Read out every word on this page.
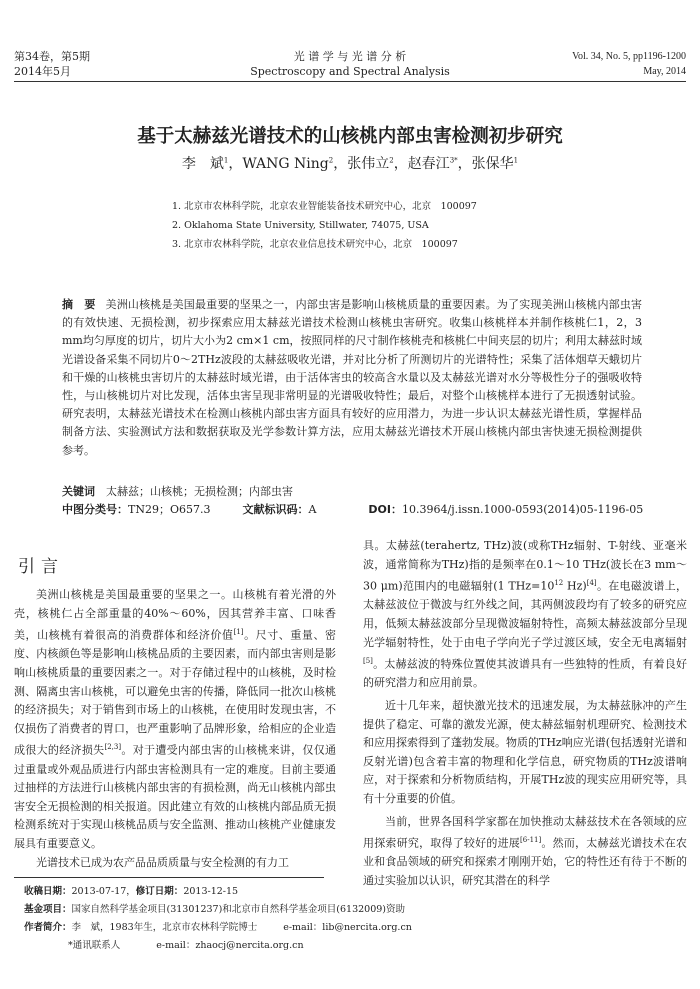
第34卷，第5期
2014年5月
光 谱 学 与 光 谱 分 析
Spectroscopy and Spectral Analysis
Vol. 34, No. 5, pp1196-1200
May, 2014
基于太赫兹光谱技术的山核桃内部虫害检测初步研究
李　斌$^1$，WANG Ning$^2$，张伟立$^2$，赵春江$^{3*}$，张保华$^1$
1. 北京市农林科学院，北京农业智能装备技术研究中心，北京　100097
2. Oklahoma State University, Stillwater, 74075, USA
3. 北京市农林科学院，北京农业信息技术研究中心，北京　100097
摘　要 美洲山核桃是美国最重要的坚果之一，内部虫害是影响山核桃质量的重要因素。为了实现美洲山核桃内部虫害的有效快速、无损检测，初步探索应用太赫兹光谱技术检测山核桃虫害研究。收集山核桃样本并制作核桃仁1，2，3 mm均匀厚度的切片，切片大小为2 cm×1 cm，按照同样的尺寸制作核桃壳和核桃仁中间夹层的切片；利用太赫兹时域光谱设备采集不同切片0～2THz波段的太赫兹吸收光谱，并对比分析了所测切片的光谱特性；采集了活体烟草天蛾切片和干燥的山核桃虫害切片的太赫兹时域光谱，由于活体害虫的较高含水量以及太赫兹光谱对水分等极性分子的强吸收特性，与山核桃切片对比发现，活体虫害呈现非常明显的光谱吸收特性；最后，对整个山核桃样本进行了无损透射试验。研究表明，太赫兹光谱技术在检测山核桃内部虫害方面具有较好的应用潜力，为进一步认识太赫兹光谱性质，掌握样品制备方法、实验测试方法和数据获取及光学参数计算方法，应用太赫兹光谱技术开展山核桃内部虫害快速无损检测提供参考。
关键词　 太赫兹；山核桃；无损检测；内部虫害
中图分类号：TN29；O657.3	文献标识码：A	DOI：10.3964/j.issn.1000-0593(2014)05-1196-05
引言

美洲山核桃是美国最重要的坚果之一。山核桃有着光滑的外壳，核桃仁占全部重量的40%～60%，因其营养丰富、口味香美，山核桃有着很高的消费群体和经济价值[1]。尺寸、重量、密度、内核颜色等是影响山核桃品质的主要因素，而内部虫害则是影响山核桃质量的重要因素之一。对于存储过程中的山核桃，及时检测、隔离虫害山核桃，可以避免虫害的传播，降低同一批次山核桃的经济损失；对于销售到市场上的山核桃，在使用时发现虫害，不仅损伤了消费者的胃口，也严重影响了品牌形象，给相应的企业造成很大的经济损失[2,3]。对于遭受内部虫害的山核桃来讲，仅仅通过重量或外观品质进行内部虫害检测具有一定的难度。目前主要通过抽样的方法进行山核桃内部虫害的有损检测，尚无山核桃内部虫害安全无损检测的相关报道。因此建立有效的山核桃内部品质无损检测系统对于实现山核桃品质与安全监测、推动山核桃产业健康发展具有重要意义。

光谱技术已成为农产品品质质量与安全检测的有力工

具。太赫兹(terahertz, THz)波(或称THz辐射、T-射线、亚毫米波，通常简称为THz)指的是频率在0.1～10 THz(波长在3 mm～30 μm)范围内的电磁辐射(1 $THz=10^{12}$ Hz)[4]。在电磁波谱上，太赫兹波位于微波与红外线之间，其两侧波段均有了较多的研究应用，低频太赫兹波部分呈现微波辐射特性，高频太赫兹波部分呈现光学辐射特性，处于由电子学向光子学过渡区域，安全无电离辐射[5]。太赫兹波的特殊位置使其波谱具有一些独特的性质，有着良好的研究潜力和应用前景。

近十几年来，超快激光技术的迅速发展，为太赫兹脉冲的产生提供了稳定、可靠的激发光源，使太赫兹辐射机理研究、检测技术和应用探索得到了蓬勃发展。物质的THz响应光谱(包括透射光谱和反射光谱)包含着丰富的物理和化学信息，研究物质的THz波谱响应，对于探索和分析物质结构，开展THz波的现实应用研究等，具有十分重要的价值。

当前，世界各国科学家都在加快推动太赫兹技术在各领域的应用探索研究，取得了较好的进展[6-11]。然而，太赫兹光谱技术在农业和食品领域的研究和探索才刚刚开始，它的特性还有待于不断的通过实验加以认识，研究其潜在的科学

收稿日期：2013-07-17，修订日期：2013-12-15
基金项目：国家自然科学基金项目(31301237)和北京市自然科学基金项目(6132009)资助
作者简介：李　斌，1983年生，北京市农林科学院博士	e-mail：lib@nercita.org.cn
*通讯联系人	e-mail：zhaocj@nercita.org.cn
